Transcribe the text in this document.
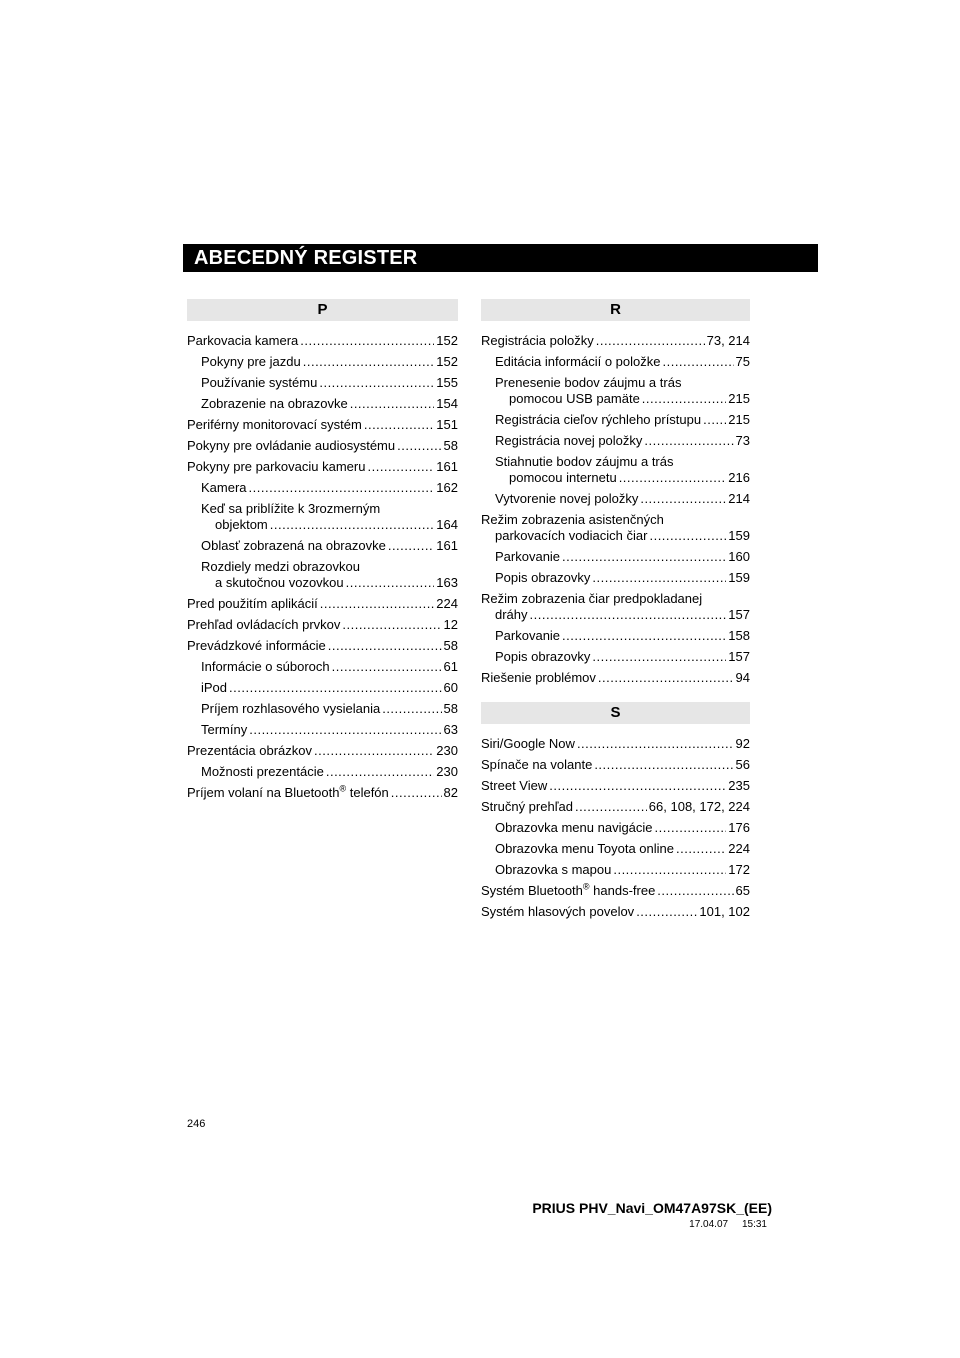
ABECEDNÝ REGISTER
P
Parkovacia kamera .....	152
Pokyny pre jazdu .....	152
Používanie systému .....	155
Zobrazenie na obrazovke .....	154
Periférny monitorovací systém .....	151
Pokyny pre ovládanie audiosystému .....	58
Pokyny pre parkovaciu kameru .....	161
Kamera .....	162
Keď sa priblížite k 3rozmerným
objektom .....	164
Oblasť zobrazená na obrazovke .....	161
Rozdiely medzi obrazovkou
a skutočnou vozovkou .....	163
Pred použitím aplikácií .....	224
Prehľad ovládacích prvkov .....	12
Prevádzkové informácie .....	58
Informácie o súboroch .....	61
iPod .....	60
Príjem rozhlasového vysielania .....	58
Termíny .....	63
Prezentácia obrázkov .....	230
Možnosti prezentácie .....	230
Príjem volaní na Bluetooth® telefón .....	82
R
Registrácia položky .....	73, 214
Editácia informácií o položke .....	75
Prenesenie bodov záujmu a trás
pomocou USB pamäte .....	215
Registrácia cieľov rýchleho prístupu ..... 215
Registrácia novej položky .....	73
Stiahnutie bodov záujmu a trás
pomocou internetu .....	216
Vytvorenie novej položky .....	214
Režim zobrazenia asistenčných
parkovacích vodiacich čiar .....	159
Parkovanie .....	160
Popis obrazovky .....	159
Režim zobrazenia čiar predpokladanej
dráhy .....	157
Parkovanie .....	158
Popis obrazovky .....	157
Riešenie problémov .....	94
S
Siri/Google Now .....	92
Spínače na volante .....	56
Street View .....	235
Stručný prehľad .....	66, 108, 172, 224
Obrazovka menu navigácie .....	176
Obrazovka menu Toyota online .....	224
Obrazovka s mapou .....	172
Systém Bluetooth® hands-free .....	65
Systém hlasových povelov .....	101, 102
246
PRIUS PHV_Navi_OM47A97SK_(EE)
17.04.07     15:31
